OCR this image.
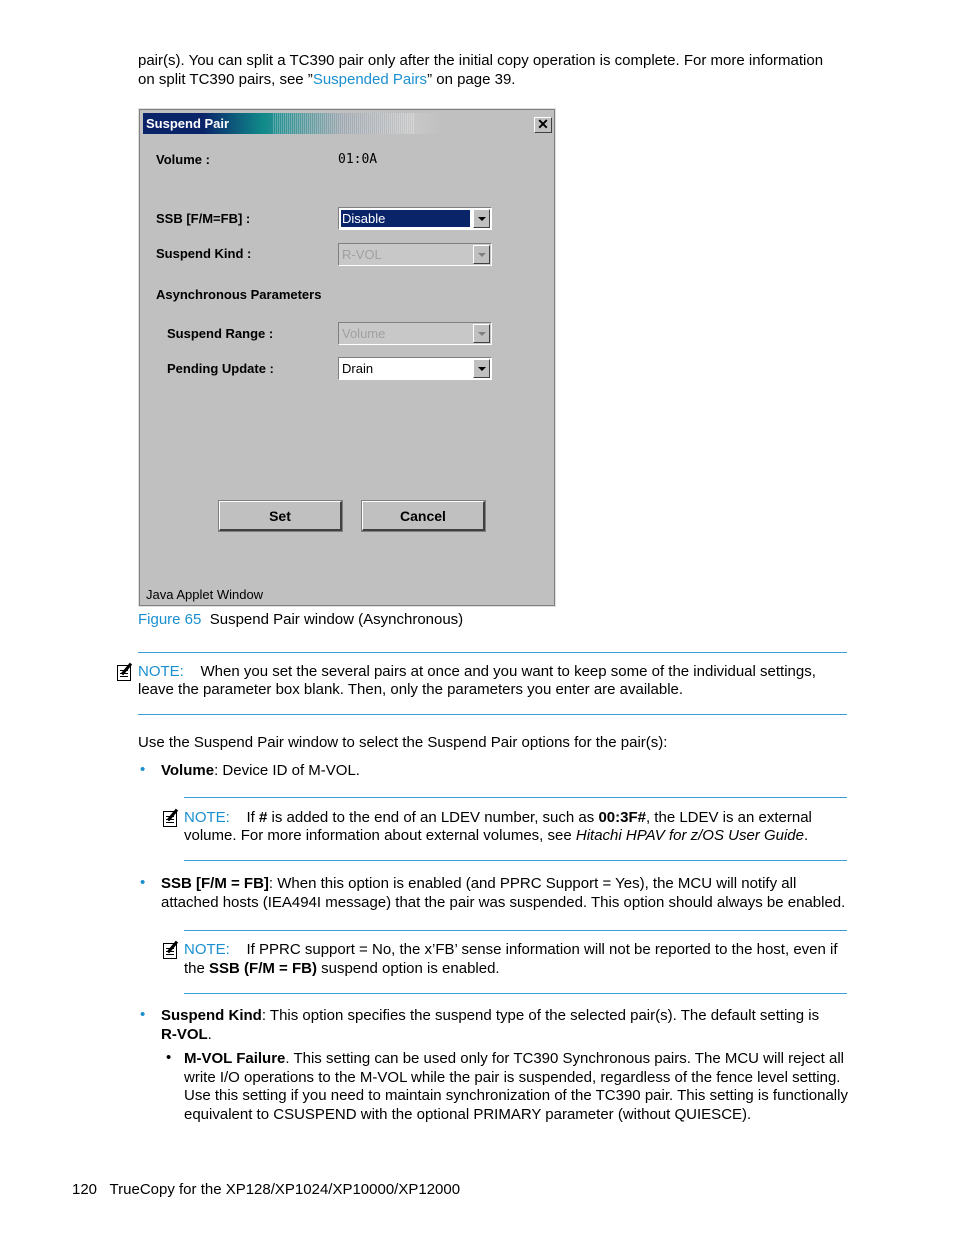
pair(s). You can split a TC390 pair only after the initial copy operation is complete. For more information
on split TC390 pairs, see ”Suspended Pairs” on page 39.
Suspend Pair	✕
Volume :	01:0A
SSB [F/M=FB] :	Disable
Suspend Kind :	R-VOL
Asynchronous Parameters
Suspend Range :	Volume
Pending Update :	Drain
Set	Cancel
Java Applet Window
Figure 65 Suspend Pair window (Asynchronous)
NOTE: When you set the several pairs at once and you want to keep some of the individual settings,
leave the parameter box blank. Then, only the parameters you enter are available.
Use the Suspend Pair window to select the Suspend Pair options for the pair(s):
• Volume: Device ID of M-VOL.
NOTE: If # is added to the end of an LDEV number, such as 00:3F#, the LDEV is an external
volume. For more information about external volumes, see Hitachi HPAV for z/OS User Guide.
• SSB [F/M = FB]: When this option is enabled (and PPRC Support = Yes), the MCU will notify all
attached hosts (IEA494I message) that the pair was suspended. This option should always be enabled.
NOTE: If PPRC support = No, the x’FB’ sense information will not be reported to the host, even if
the SSB (F/M = FB) suspend option is enabled.
• Suspend Kind: This option specifies the suspend type of the selected pair(s). The default setting is
R-VOL.
• M-VOL Failure. This setting can be used only for TC390 Synchronous pairs. The MCU will reject all
write I/O operations to the M-VOL while the pair is suspended, regardless of the fence level setting.
Use this setting if you need to maintain synchronization of the TC390 pair. This setting is functionally
equivalent to CSUSPEND with the optional PRIMARY parameter (without QUIESCE).
120 TrueCopy for the XP128/XP1024/XP10000/XP12000
